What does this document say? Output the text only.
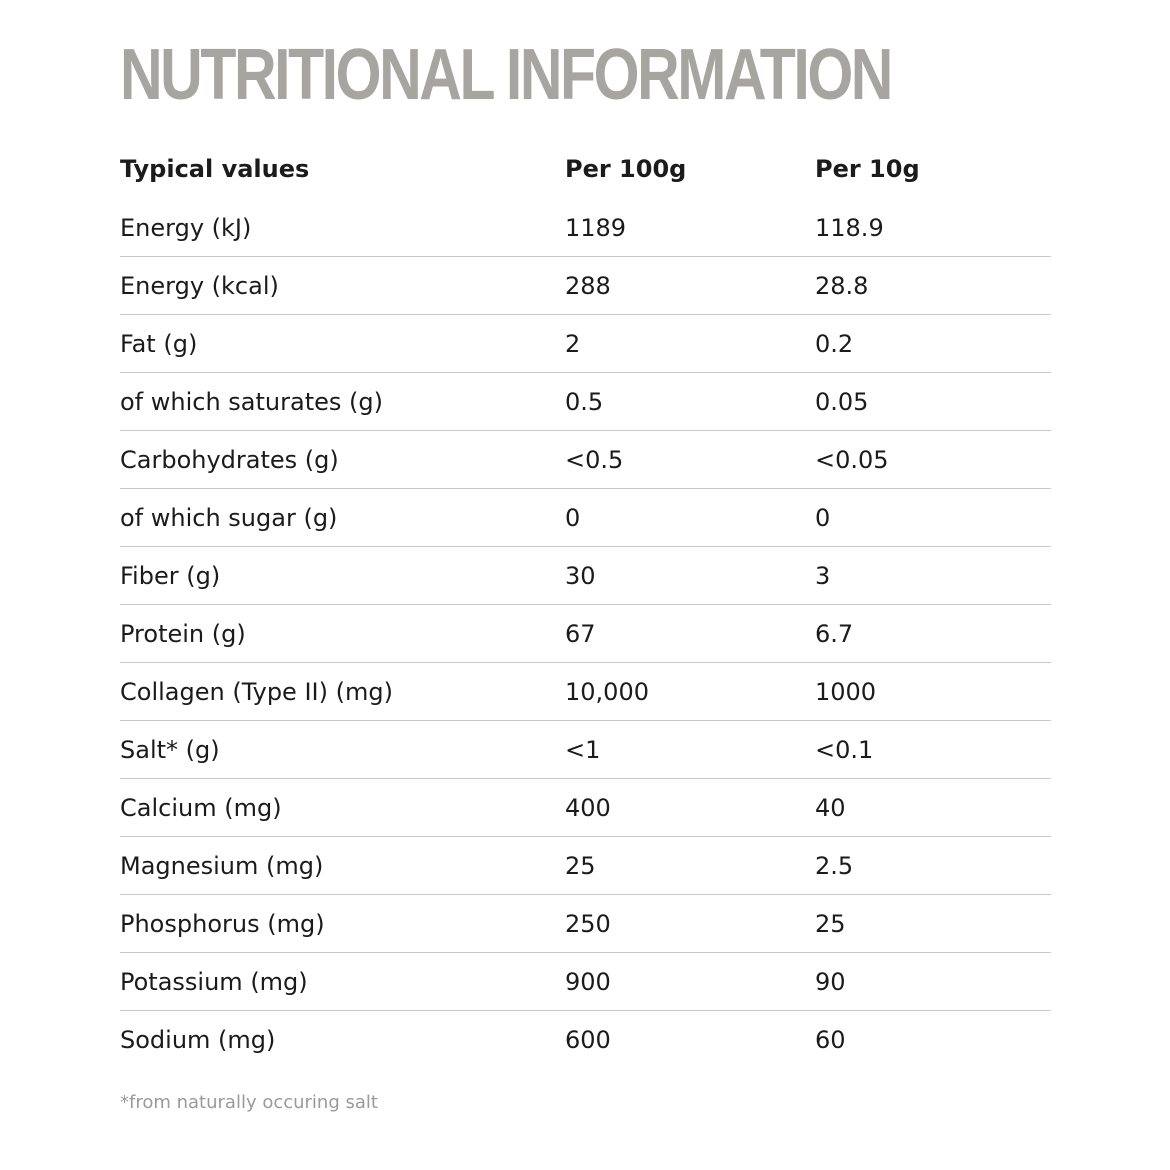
NUTRITIONAL INFORMATION
Typical values	Per 100g	Per 10g
Energy (kJ)	1189	118.9
Energy (kcal)	288	28.8
Fat (g)	2	0.2
of which saturates (g)	0.5	0.05
Carbohydrates (g)	<0.5	<0.05
of which sugar (g)	0	0
Fiber (g)	30	3
Protein (g)	67	6.7
Collagen (Type II) (mg)	10,000	1000
Salt* (g)	<1	<0.1
Calcium (mg)	400	40
Magnesium (mg)	25	2.5
Phosphorus (mg)	250	25
Potassium (mg)	900	90
Sodium (mg)	600	60
*from naturally occuring salt
